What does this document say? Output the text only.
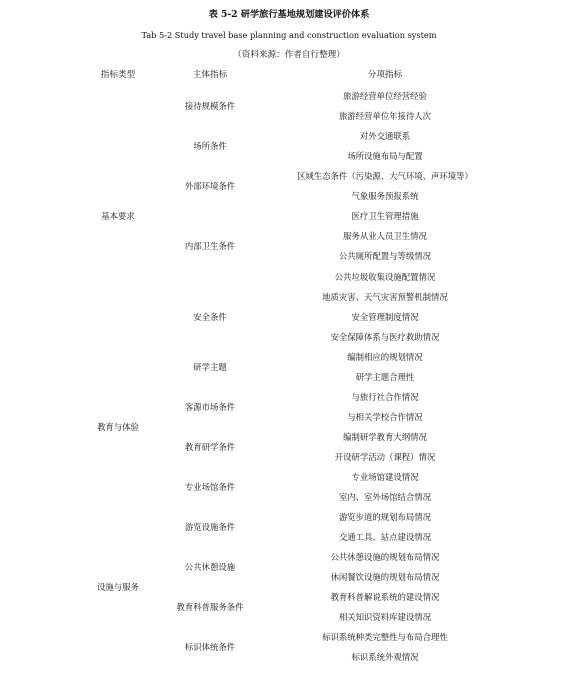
表 5-2 研学旅行基地规划建设评价体系
Tab 5-2 Study travel base planning and construction evaluation system
（资料来源：作者自行整理）
指标类型	主体指标	分项指标
旅游经营单位经营经验
旅游经营单位年接待人次
接待规模条件
对外交通联系
场所设施布局与配置
场所条件
区域生态条件（污染源、大气环境、声环境等）
气象服务预报系统
外部环境条件
医疗卫生管理措施
服务从业人员卫生情况
公共厕所配置与等级情况
公共垃圾收集设施配置情况
内部卫生条件
地质灾害、天气灾害预警机制情况
安全管理制度情况
安全保障体系与医疗救助情况
安全条件
基本要求
编制相应的规划情况
研学主题合理性
研学主题
与旅行社合作情况
与相关学校合作情况
客源市场条件
编制研学教育大纲情况
开设研学活动（课程）情况
教育研学条件
专业场馆建设情况
室内、室外场馆结合情况
专业场馆条件
教育与体验
游览步道的规划布局情况
交通工具、站点建设情况
游览设施条件
公共休憩设施的规划布局情况
休闲餐饮设施的规划布局情况
公共休憩设施
教育科普解说系统的建设情况
相关知识资料库建设情况
教育科普服务条件
标识系统种类完整性与布局合理性
标识系统外观情况
标识体统条件
设施与服务
